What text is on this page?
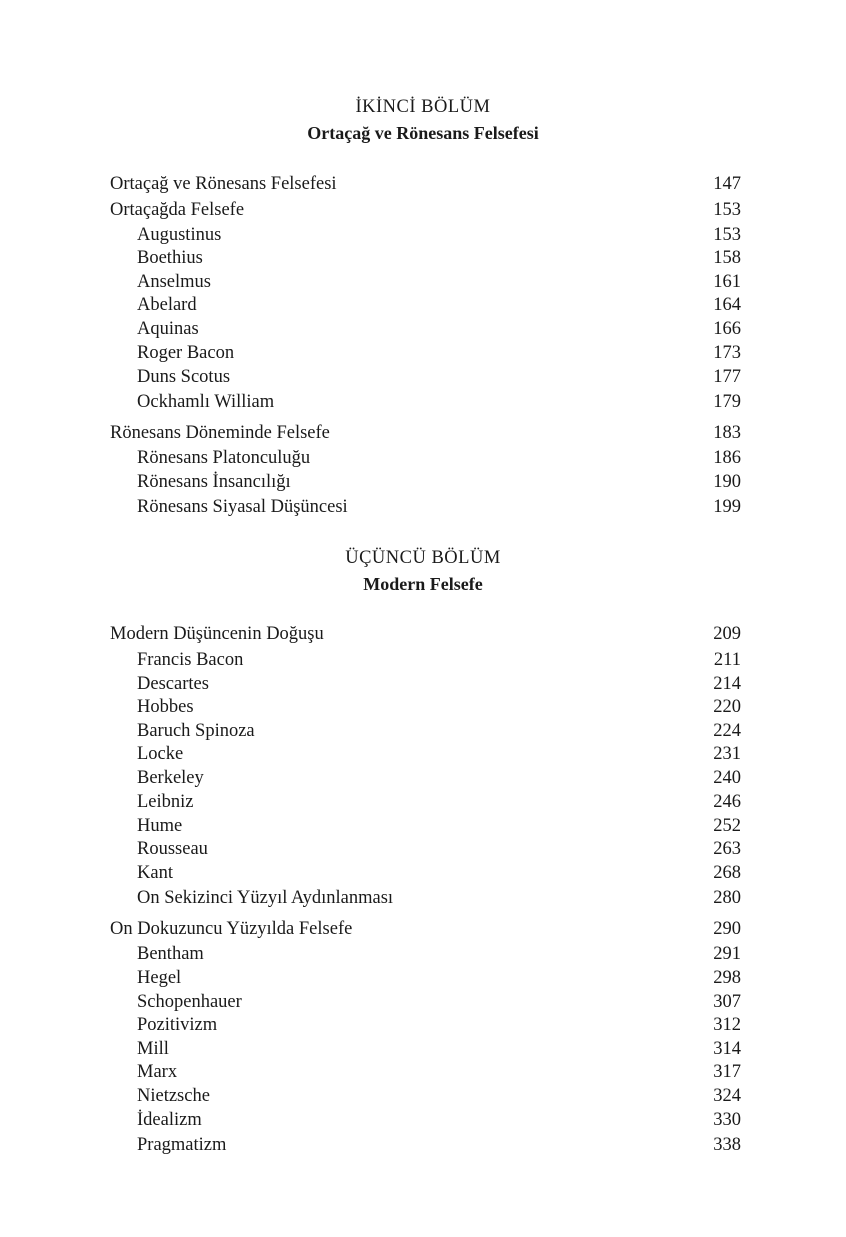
İKİNCİ BÖLÜM
Ortaçağ ve Rönesans Felsefesi
Ortaçağ ve Rönesans Felsefesi	147
Ortaçağda Felsefe	153
Augustinus	153
Boethius	158
Anselmus	161
Abelard	164
Aquinas	166
Roger Bacon	173
Duns Scotus	177
Ockhamlı William	179
Rönesans Döneminde Felsefe	183
Rönesans Platonculuğu	186
Rönesans İnsancılığı	190
Rönesans Siyasal Düşüncesi	199
ÜÇÜNCÜ BÖLÜM
Modern Felsefe
Modern Düşüncenin Doğuşu	209
Francis Bacon	211
Descartes	214
Hobbes	220
Baruch Spinoza	224
Locke	231
Berkeley	240
Leibniz	246
Hume	252
Rousseau	263
Kant	268
On Sekizinci Yüzyıl Aydınlanması	280
On Dokuzuncu Yüzyılda Felsefe	290
Bentham	291
Hegel	298
Schopenhauer	307
Pozitivizm	312
Mill	314
Marx	317
Nietzsche	324
İdealizm	330
Pragmatizm	338
